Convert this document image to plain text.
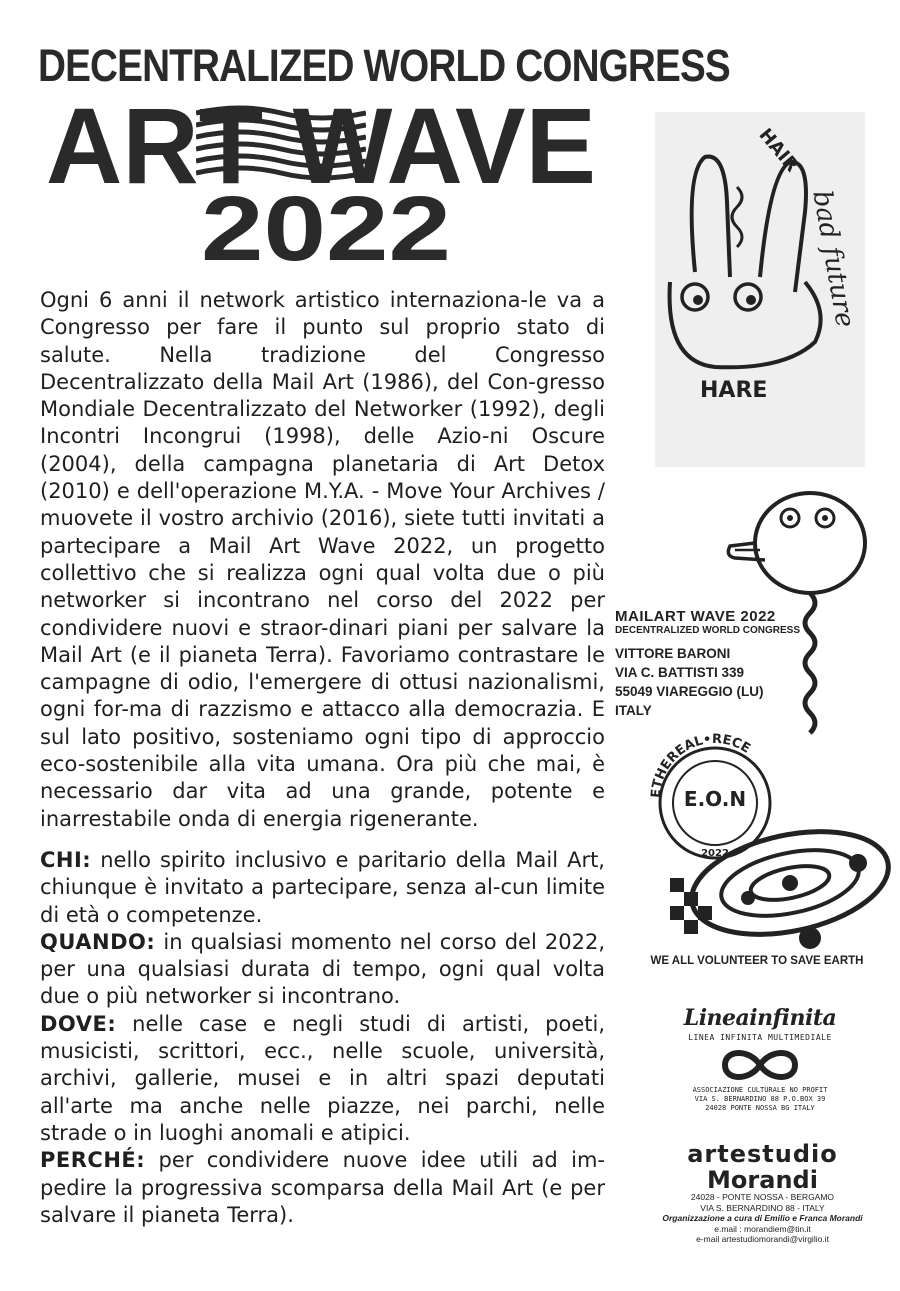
DECENTRALIZED WORLD CONGRESS
ART WAVE
2022

Ogni 6 anni il network artistico internaziona-le va a Congresso per fare il punto sul proprio stato di salute. Nella tradizione del Congresso Decentralizzato della Mail Art (1986), del Con-gresso Mondiale Decentralizzato del Networker (1992), degli Incontri Incongrui (1998), delle Azio-ni Oscure (2004), della campagna planetaria di Art Detox (2010) e dell'operazione M.Y.A. - Move Your Archives / muovete il vostro archivio (2016), siete tutti invitati a partecipare a Mail Art Wave 2022, un progetto collettivo che si realizza ogni qual volta due o più networker si incontrano nel corso del 2022 per condividere nuovi e straor-dinari piani per salvare la Mail Art (e il pianeta Terra). Favoriamo contrastare le campagne di odio, l'emergere di ottusi nazionalismi, ogni for-ma di razzismo e attacco alla democrazia. E sul lato positivo, sosteniamo ogni tipo di approccio eco-sostenibile alla vita umana. Ora più che mai, è necessario dar vita ad una grande, potente e inarrestabile onda di energia rigenerante.

CHI: nello spirito inclusivo e paritario della Mail Art, chiunque è invitato a partecipare, senza al-cun limite di età o competenze.

QUANDO: in qualsiasi momento nel corso del 2022, per una qualsiasi durata di tempo, ogni qual volta due o più networker si incontrano.

DOVE: nelle case e negli studi di artisti, poeti, musicisti, scrittori, ecc., nelle scuole, università, archivi, gallerie, musei e in altri spazi deputati all'arte ma anche nelle piazze, nei parchi, nelle strade o in luoghi anomali e atipici.

PERCHÉ: per condividere nuove idee utili ad im-pedire la progressiva scomparsa della Mail Art (e per salvare il pianeta Terra).

HAIR
HARE
bad future
MAILART WAVE 2022
DECENTRALIZED WORLD CONGRESS
VITTORE BARONI
VIA C. BATTISTI 339
55049 VIAREGGIO (LU)
ITALY
ETHEREAL•RECE
E.O.N
2022
WE ALL VOLUNTEER TO SAVE EARTH
Lineainfinita
LINEA INFINITA MULTIMEDIALE
ASSOCIAZIONE CULTURALE NO PROFIT
VIA S. BERNARDINO 88 P.O.BOX 39
24028 PONTE NOSSA BG ITALY
artestudio
Morandi
24028 - PONTE NOSSA - BERGAMO
VIA S. BERNARDINO 88 - ITALY
Organizzazione a cura di Emilio e Franca Morandi
e.mail : morandiem@tin.it
e-mail artestudiomorandi@virgilio.it
